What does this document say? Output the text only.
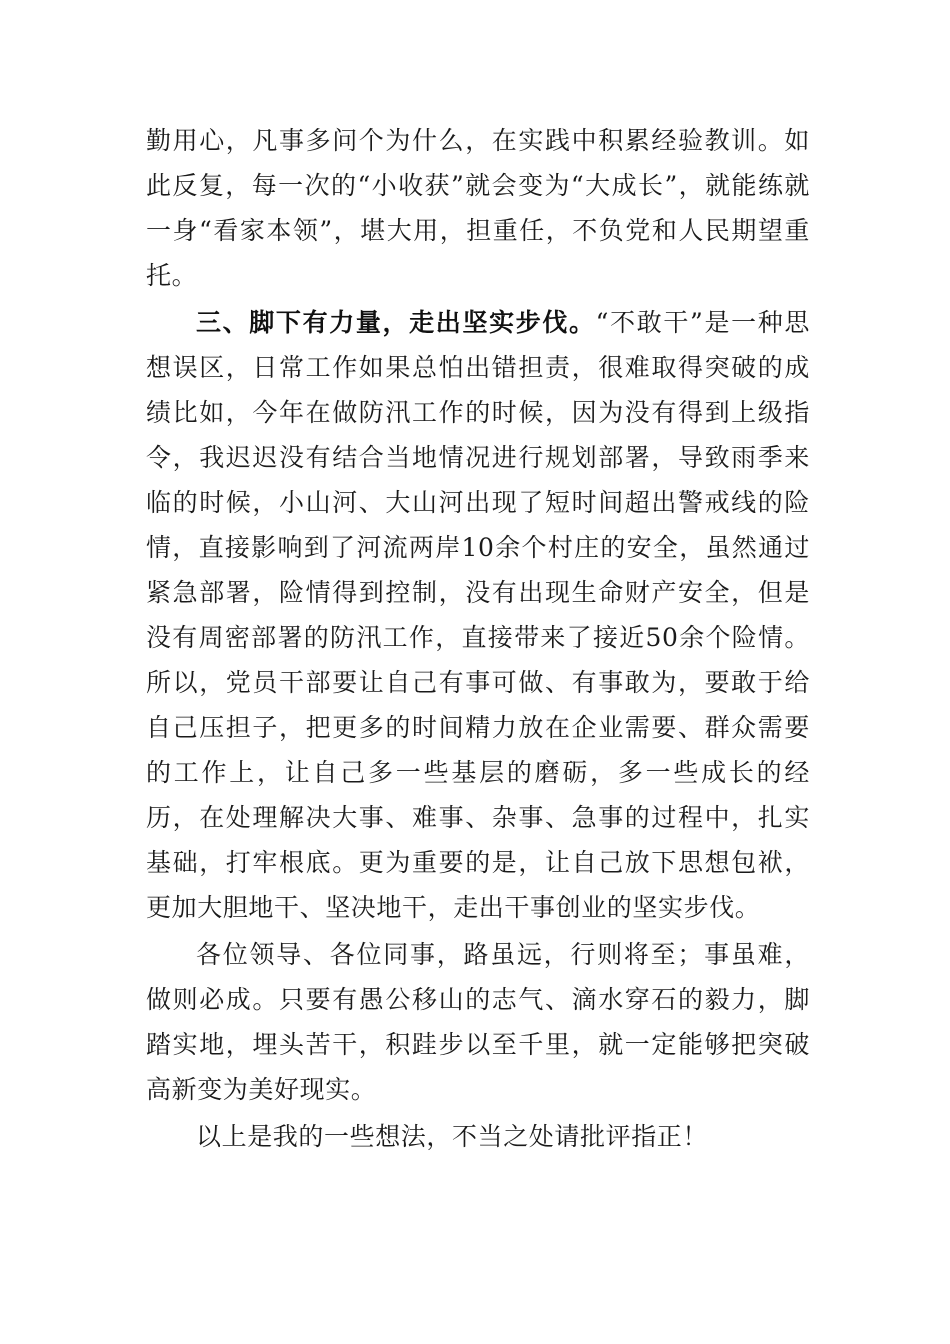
勤用心，凡事多问个为什么，在实践中积累经验教训。如此反复，每一次的“小收获”就会变为“大成长”，就能练就一身“看家本领”，堪大用，担重任，不负党和人民期望重托。

三、脚下有力量，走出坚实步伐。“不敢干”是一种思想误区，日常工作如果总怕出错担责，很难取得突破的成绩比如，今年在做防汛工作的时候，因为没有得到上级指令，我迟迟没有结合当地情况进行规划部署，导致雨季来临的时候，小山河、大山河出现了短时间超出警戒线的险情，直接影响到了河流两岸10余个村庄的安全，虽然通过紧急部署，险情得到控制，没有出现生命财产安全，但是没有周密部署的防汛工作，直接带来了接近50余个险情。所以，党员干部要让自己有事可做、有事敢为，要敢于给自己压担子，把更多的时间精力放在企业需要、群众需要的工作上，让自己多一些基层的磨砺，多一些成长的经历，在处理解决大事、难事、杂事、急事的过程中，扎实基础，打牢根底。更为重要的是，让自己放下思想包袱，更加大胆地干、坚决地干，走出干事创业的坚实步伐。

各位领导、各位同事，路虽远，行则将至；事虽难，做则必成。只要有愚公移山的志气、滴水穿石的毅力，脚踏实地，埋头苦干，积跬步以至千里，就一定能够把突破高新变为美好现实。

以上是我的一些想法，不当之处请批评指正！
